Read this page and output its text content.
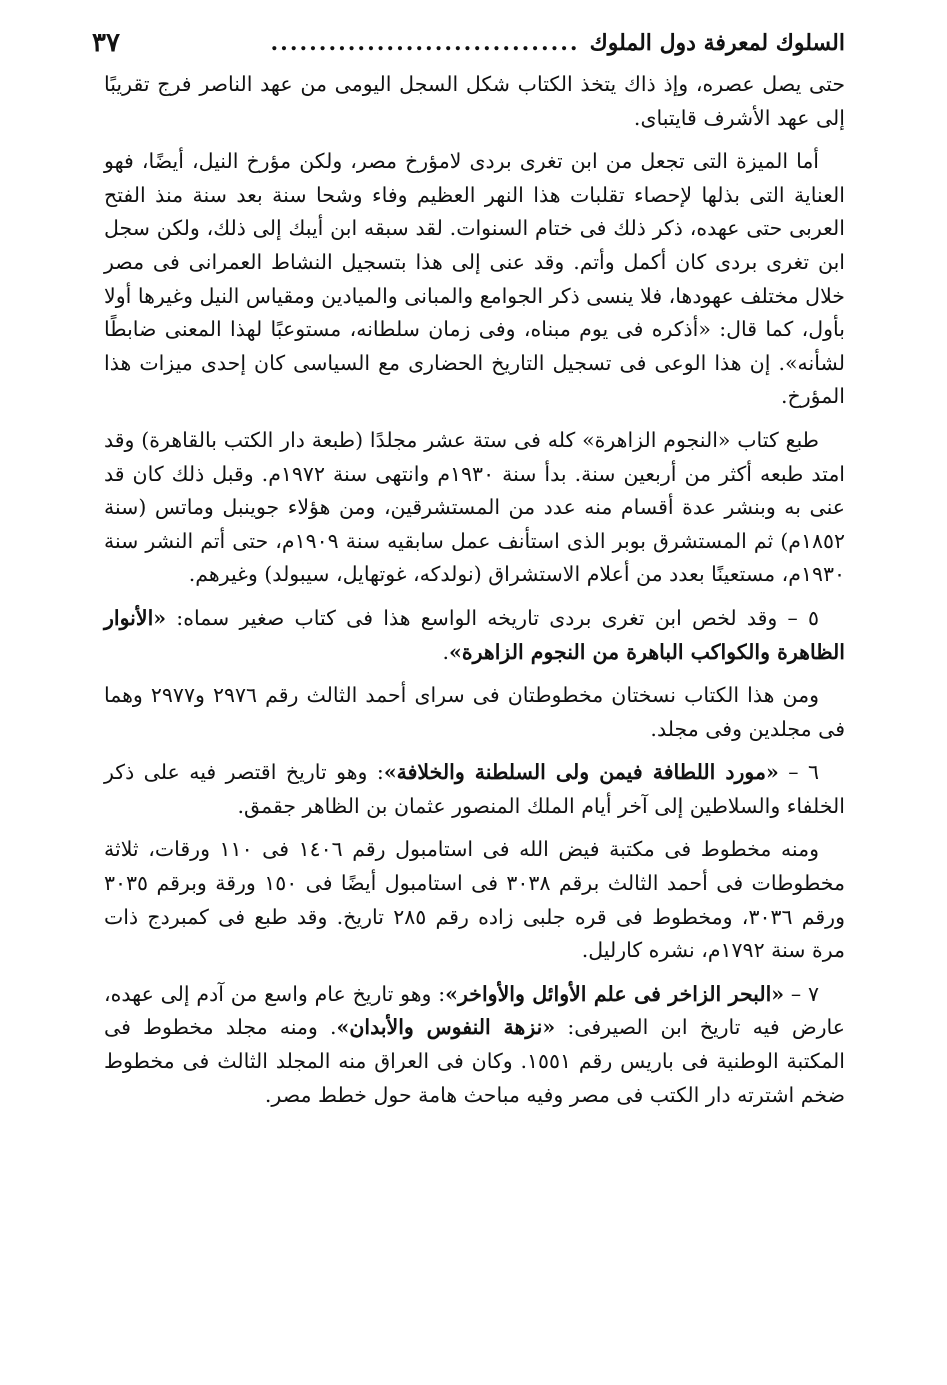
السلوك لمعرفة دول الملوك
................................
٣٧

حتى يصل عصره، وإذ ذاك يتخذ الكتاب شكل السجل اليومى من عهد الناصر فرج تقريبًا إلى عهد الأشرف قايتباى.

أما الميزة التى تجعل من ابن تغرى بردى لامؤرخ مصر، ولكن مؤرخ النيل، أيضًا، فهو العناية التى بذلها لإحصاء تقلبات هذا النهر العظيم وفاء وشحا سنة بعد سنة منذ الفتح العربى حتى عهده، ذكر ذلك فى ختام السنوات. لقد سبقه ابن أيبك إلى ذلك، ولكن سجل ابن تغرى بردى كان أكمل وأتم. وقد عنى إلى هذا بتسجيل النشاط العمرانى فى مصر خلال مختلف عهودها، فلا ينسى ذكر الجوامع والمبانى والميادين ومقياس النيل وغيرها أولا بأول، كما قال: «أذكره فى يوم مبناه، وفى زمان سلطانه، مستوعبًا لهذا المعنى ضابطًا لشأنه». إن هذا الوعى فى تسجيل التاريخ الحضارى مع السياسى كان إحدى ميزات هذا المؤرخ.

طبع كتاب «النجوم الزاهرة» كله فى ستة عشر مجلدًا (طبعة دار الكتب بالقاهرة) وقد امتد طبعه أكثر من أربعين سنة. بدأ سنة ١٩٣٠م وانتهى سنة ١٩٧٢م. وقبل ذلك كان قد عنى به وبنشر عدة أقسام منه عدد من المستشرقين، ومن هؤلاء جوينبل وماتس (سنة ١٨٥٢م) ثم المستشرق بوبر الذى استأنف عمل سابقيه سنة ١٩٠٩م، حتى أتم النشر سنة ١٩٣٠م، مستعينًا بعدد من أعلام الاستشراق (نولدكه، غوتهايل، سيبولد) وغيرهم.

٥ – وقد لخص ابن تغرى بردى تاريخه الواسع هذا فى كتاب صغير سماه: «الأنوار الظاهرة والكواكب الباهرة من النجوم الزاهرة».

ومن هذا الكتاب نسختان مخطوطتان فى سراى أحمد الثالث رقم ٢٩٧٦ و٢٩٧٧ وهما فى مجلدين وفى مجلد.

٦ – «مورد اللطافة فيمن ولى السلطنة والخلافة»: وهو تاريخ اقتصر فيه على ذكر الخلفاء والسلاطين إلى آخر أيام الملك المنصور عثمان بن الظاهر جقمق.

ومنه مخطوط فى مكتبة فيض الله فى استامبول رقم ١٤٠٦ فى ١١٠ ورقات، ثلاثة مخطوطات فى أحمد الثالث برقم ٣٠٣٨ فى استامبول أيضًا فى ١٥٠ ورقة وبرقم ٣٠٣٥ ورقم ٣٠٣٦، ومخطوط فى قره جلبى زاده رقم ٢٨٥ تاريخ. وقد طبع فى كمبردج ذات مرة سنة ١٧٩٢م، نشره كارليل.

٧ – «البحر الزاخر فى علم الأوائل والأواخر»: وهو تاريخ عام واسع من آدم إلى عهده، عارض فيه تاريخ ابن الصيرفى: «نزهة النفوس والأبدان». ومنه مجلد مخطوط فى المكتبة الوطنية فى باريس رقم ١٥٥١. وكان فى العراق منه المجلد الثالث فى مخطوط ضخم اشترته دار الكتب فى مصر وفيه مباحث هامة حول خطط مصر.
